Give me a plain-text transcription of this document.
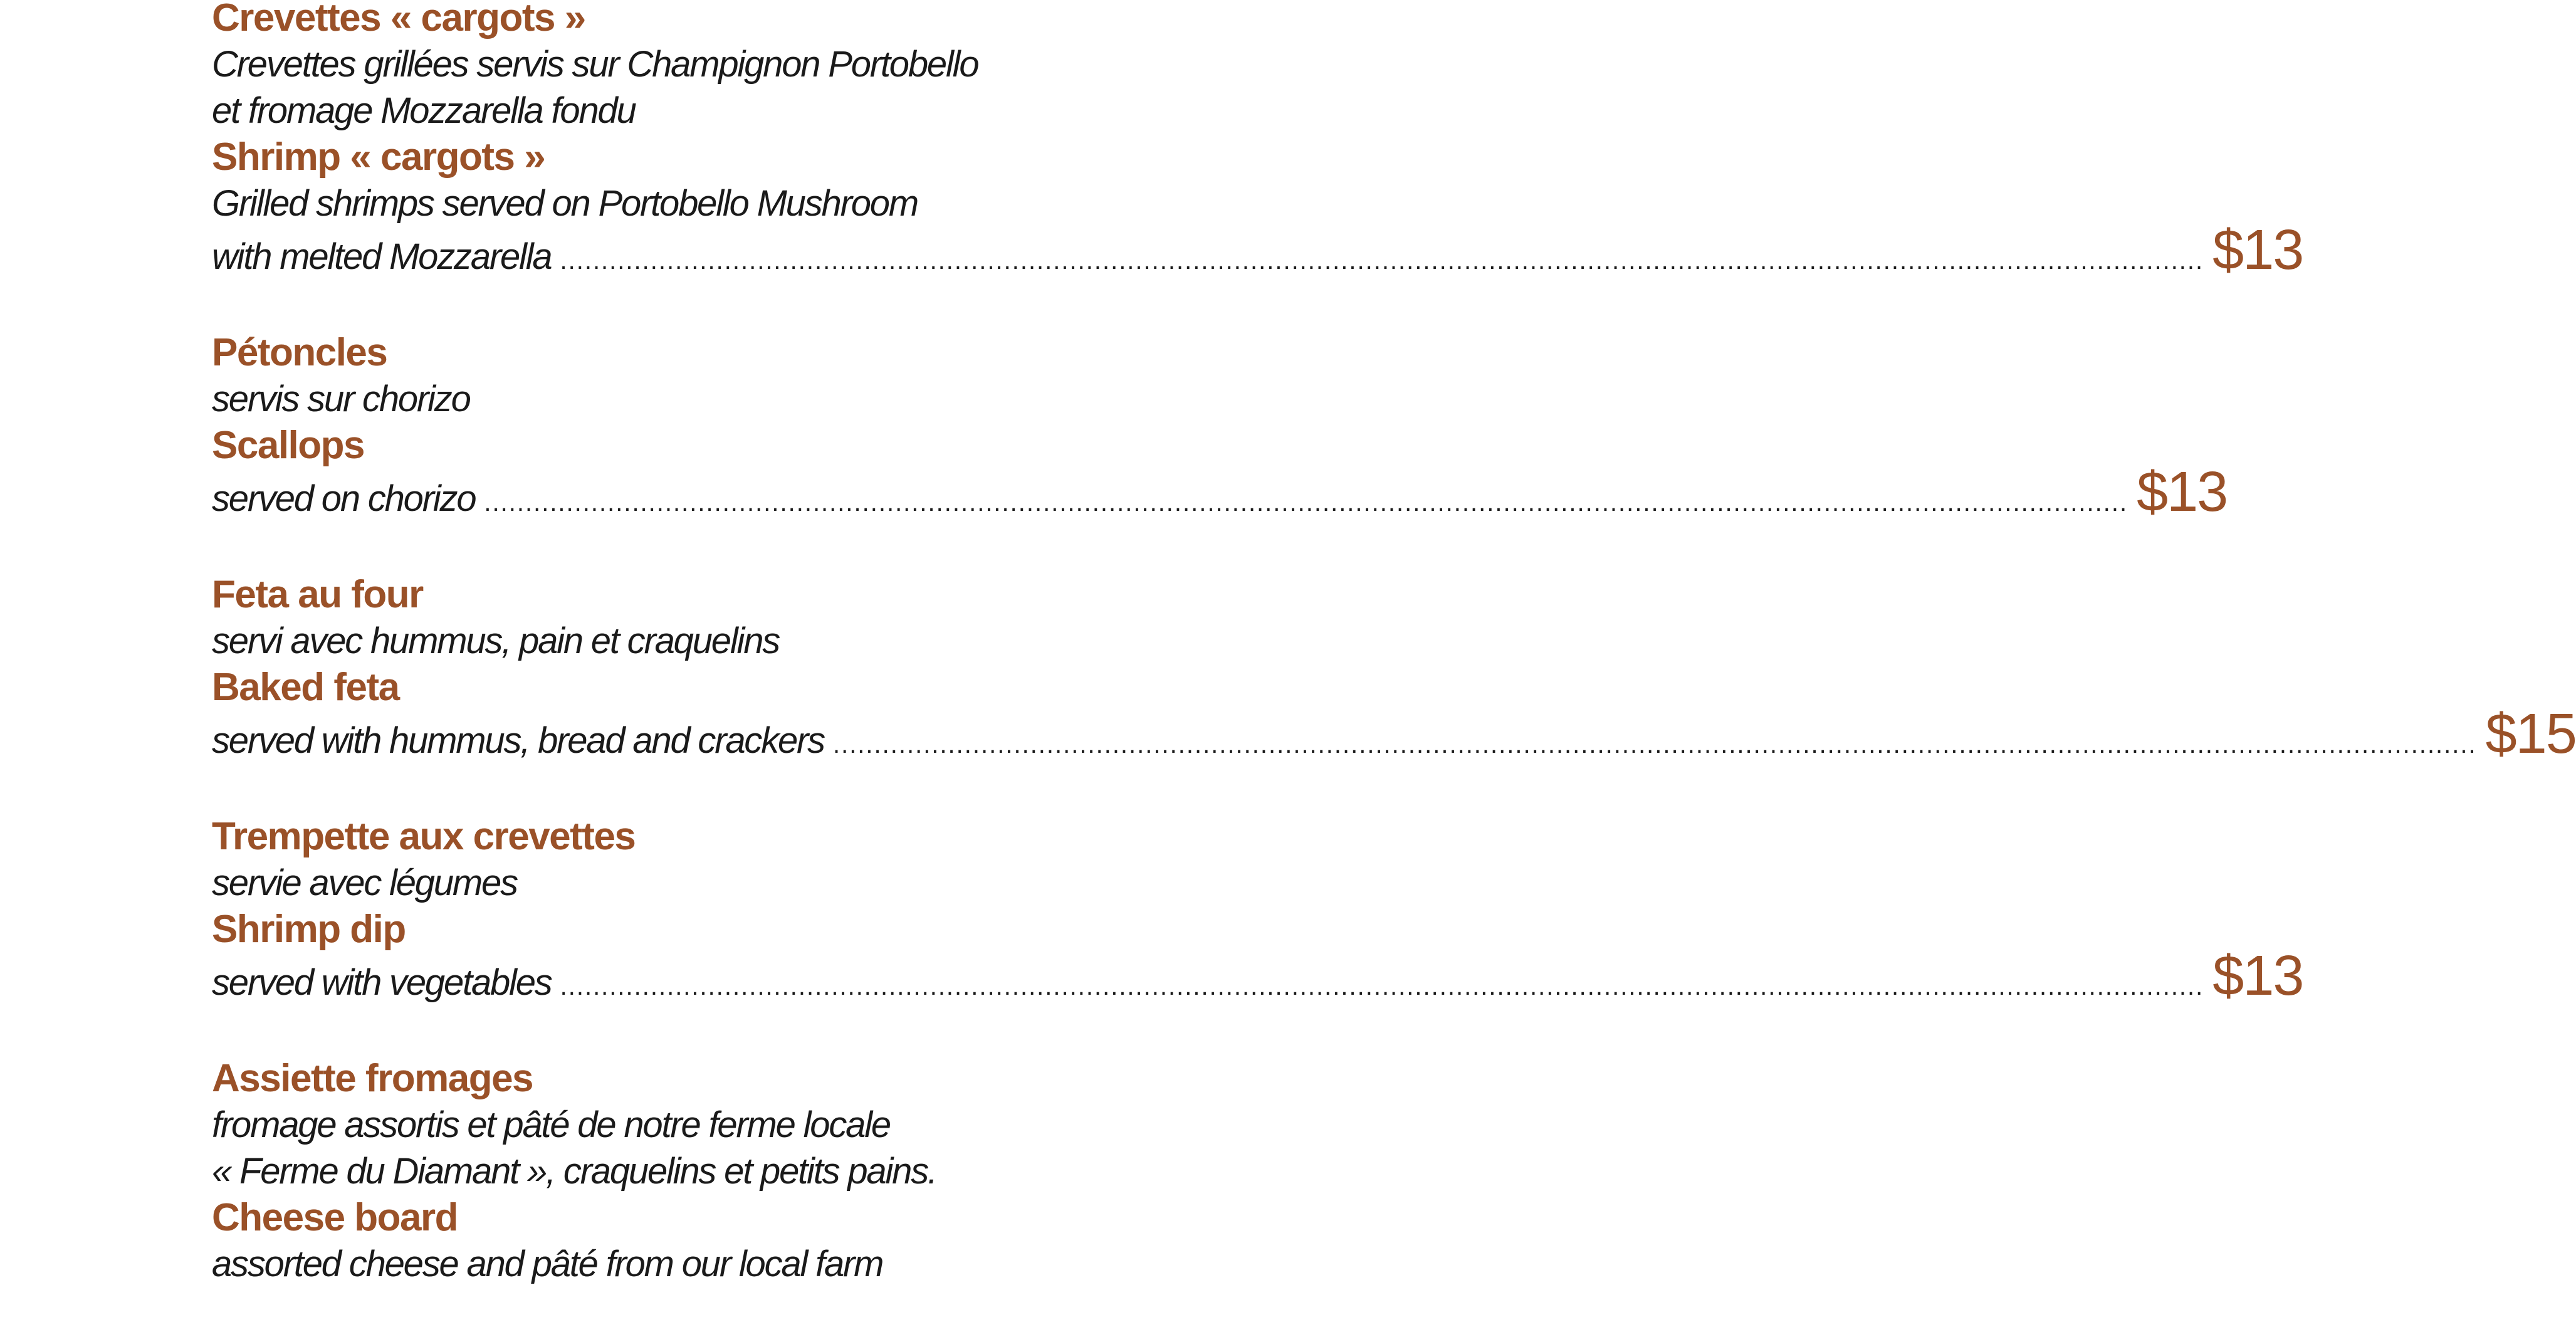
Crevettes « cargots »
Crevettes grillées servis sur Champignon Portobello
et fromage Mozzarella fondu
Shrimp « cargots »
Grilled shrimps served on Portobello Mushroom
with melted Mozzarella ........................................................................................................................................................................................................ $13
Pétoncles
servis sur chorizo
Scallops
served on chorizo ........................................................................................................................................................................................................ $13
Feta au four
servi avec hummus, pain et craquelins
Baked feta
served with hummus, bread and crackers ........................................................................................................................................................................................................ $15
Trempette aux crevettes
servie avec légumes
Shrimp dip
served with vegetables ........................................................................................................................................................................................................ $13
Assiette fromages
fromage assortis et pâté de notre ferme locale
« Ferme du Diamant », craquelins et petits pains.
Cheese board
assorted cheese and pâté from our local farm
